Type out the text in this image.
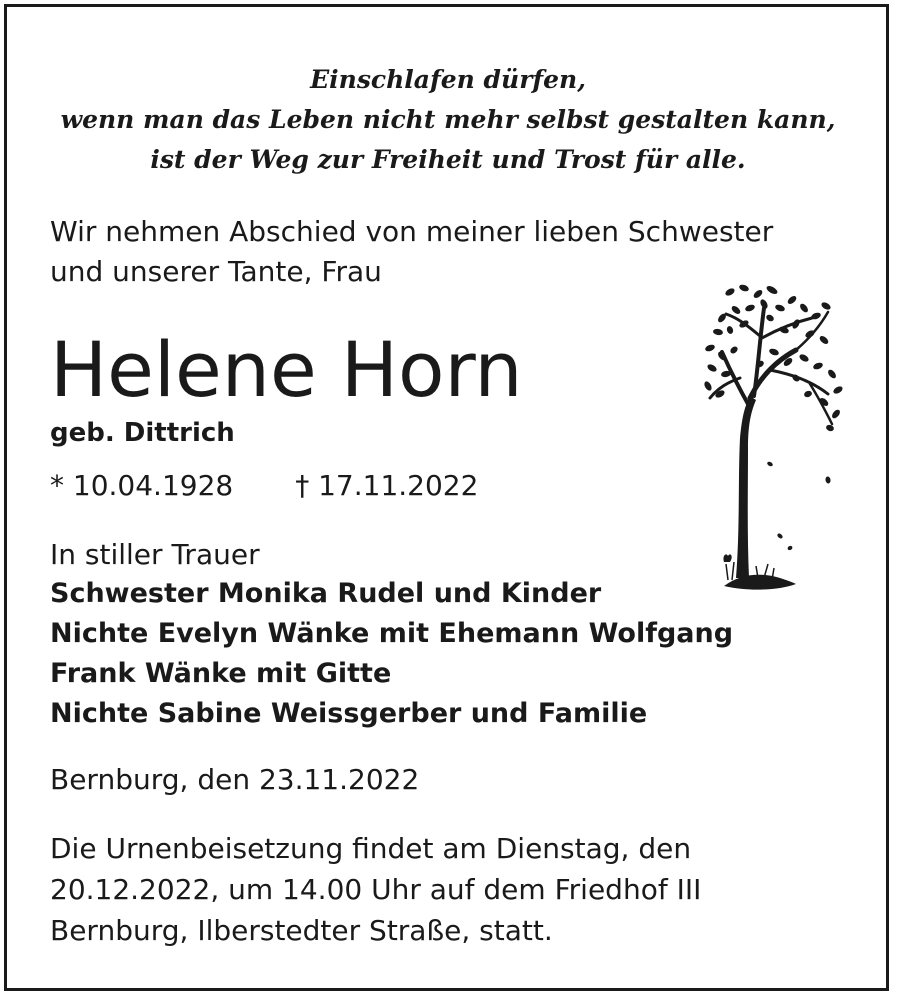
Einschlafen dürfen,
wenn man das Leben nicht mehr selbst gestalten kann,
ist der Weg zur Freiheit und Trost für alle.
Wir nehmen Abschied von meiner lieben Schwester
und unserer Tante, Frau
Helene Horn
geb. Dittrich
* 10.04.1928 † 17.11.2022
In stiller Trauer
Schwester Monika Rudel und Kinder
Nichte Evelyn Wänke mit Ehemann Wolfgang
Frank Wänke mit Gitte
Nichte Sabine Weissgerber und Familie
Bernburg, den 23.11.2022
Die Urnenbeisetzung findet am Dienstag, den
20.12.2022, um 14.00 Uhr auf dem Friedhof III
Bernburg, Ilberstedter Straße, statt.
